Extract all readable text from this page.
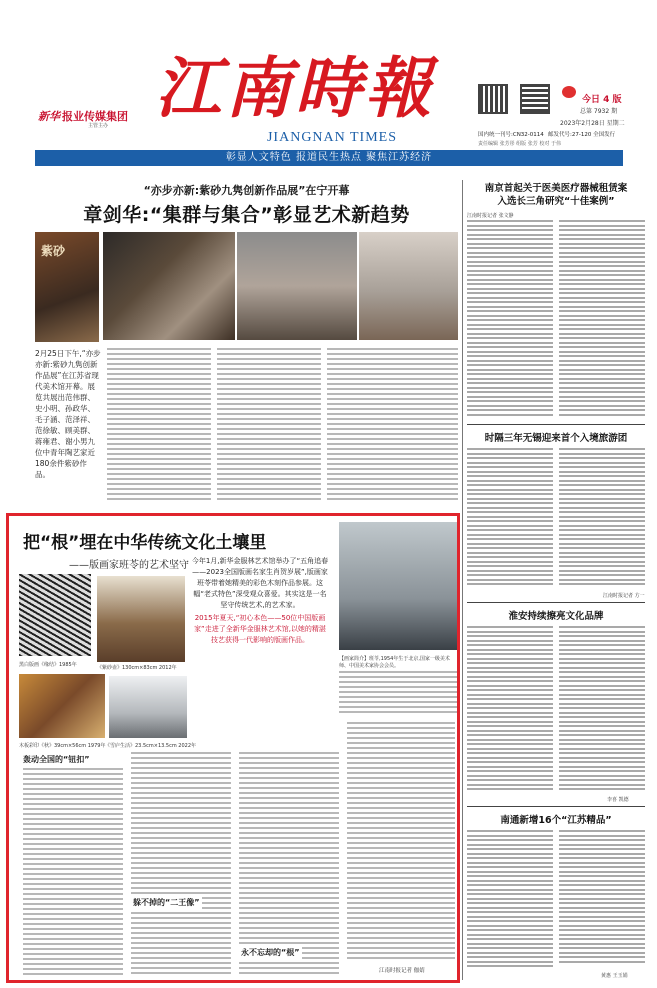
新华 报业传媒集团
主管主办 江南時報
JIANGNAN TIMES
今日 4 版
总第 7932 期
2023年2月28日 星期二
国内统一刊号:CN32-0114 邮发代号:27-120 全国发行
责任编辑 张芳彤 组版 张芳 校对 于伟
彰显人文特色 报道民生热点 聚焦江苏经济
“亦步亦新:紫砂九隽创新作品展”在宁开幕
章剑华:“集群与集合”彰显艺术新趋势
紫砂
2月25日下午,“亦步亦新:紫砂九隽创新作品展”在江苏省现代美术馆开幕。展览共展出范伟群、史小明、孙政华、毛子涵、范泽祥、范徐敏、顾美群、蒋雍君、谢小男九位中青年陶艺家近180余件紫砂作品。
把“根”埋在中华传统文化土壤里
——版画家班苓的艺术坚守 今年1月,新华金服林艺术馆举办了“五角追春——2023全国版画名家生肖贺岁展”,版画家班苓带着她精美的彩色木刻作品参展。这幅“老式特色”深受观众喜爱。其实这是一名坚守传统艺术,的艺术家。
2015年夏天,“初心本色——50位中国版画家”走进了全新华金服林艺术馆,以她的精湛技艺获得一代影响的版画作品。
【画家简介】班苓,1954年生于北京,国家一级美术师、中国美术家协会会员。
《紫砂壶》130cm×83cm 2012年
黑白版画《缘结》1985年
木板彩印《秋》39cm×56cm 1979年 《雪庐生活》23.5cm×13.5cm 2022年
轰动全国的“钮扣”
躲不掉的“二王像”
永不忘却的“根”
江南时报记者 伽婧
南京首起关于医美医疗器械租赁案
入选长三角研究“十佳案例”
江南时报记者 张文静
时隔三年无锡迎来首个入境旅游团
江南时报记者 方一
淮安持续擦亮文化品牌
李喜 凯德
南通新增16个“江苏精品”
黄惠 王玉娟
